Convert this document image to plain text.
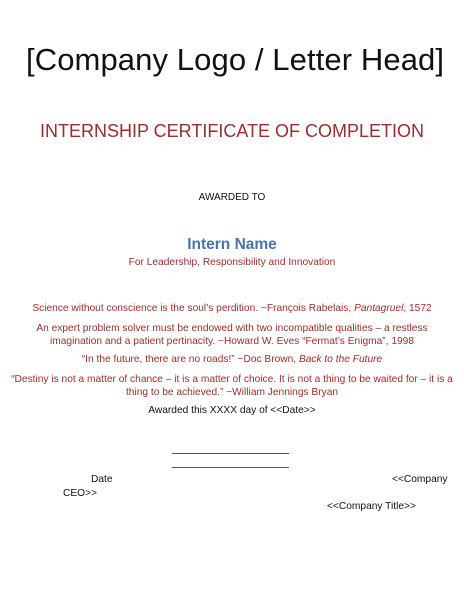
[Company Logo / Letter Head]
INTERNSHIP CERTIFICATE OF COMPLETION
AWARDED TO
Intern Name
For Leadership, Responsibility and Innovation
Science without conscience is the soul’s perdition. ~François Rabelais, Pantagruel, 1572
An expert problem solver must be endowed with two incompatible qualities – a restless imagination and a patient pertinacity. ~Howard W. Eves “Fermat’s Enigma”, 1998
“In the future, there are no roads!” ~Doc Brown, Back to the Future
“Destiny is not a matter of chance – it is a matter of choice. It is not a thing to be waited for – it is a thing to be achieved.” ~William Jennings Bryan
Awarded this XXXX day of <<Date>>
Date	<<Company
CEO>>
<<Company Title>>
